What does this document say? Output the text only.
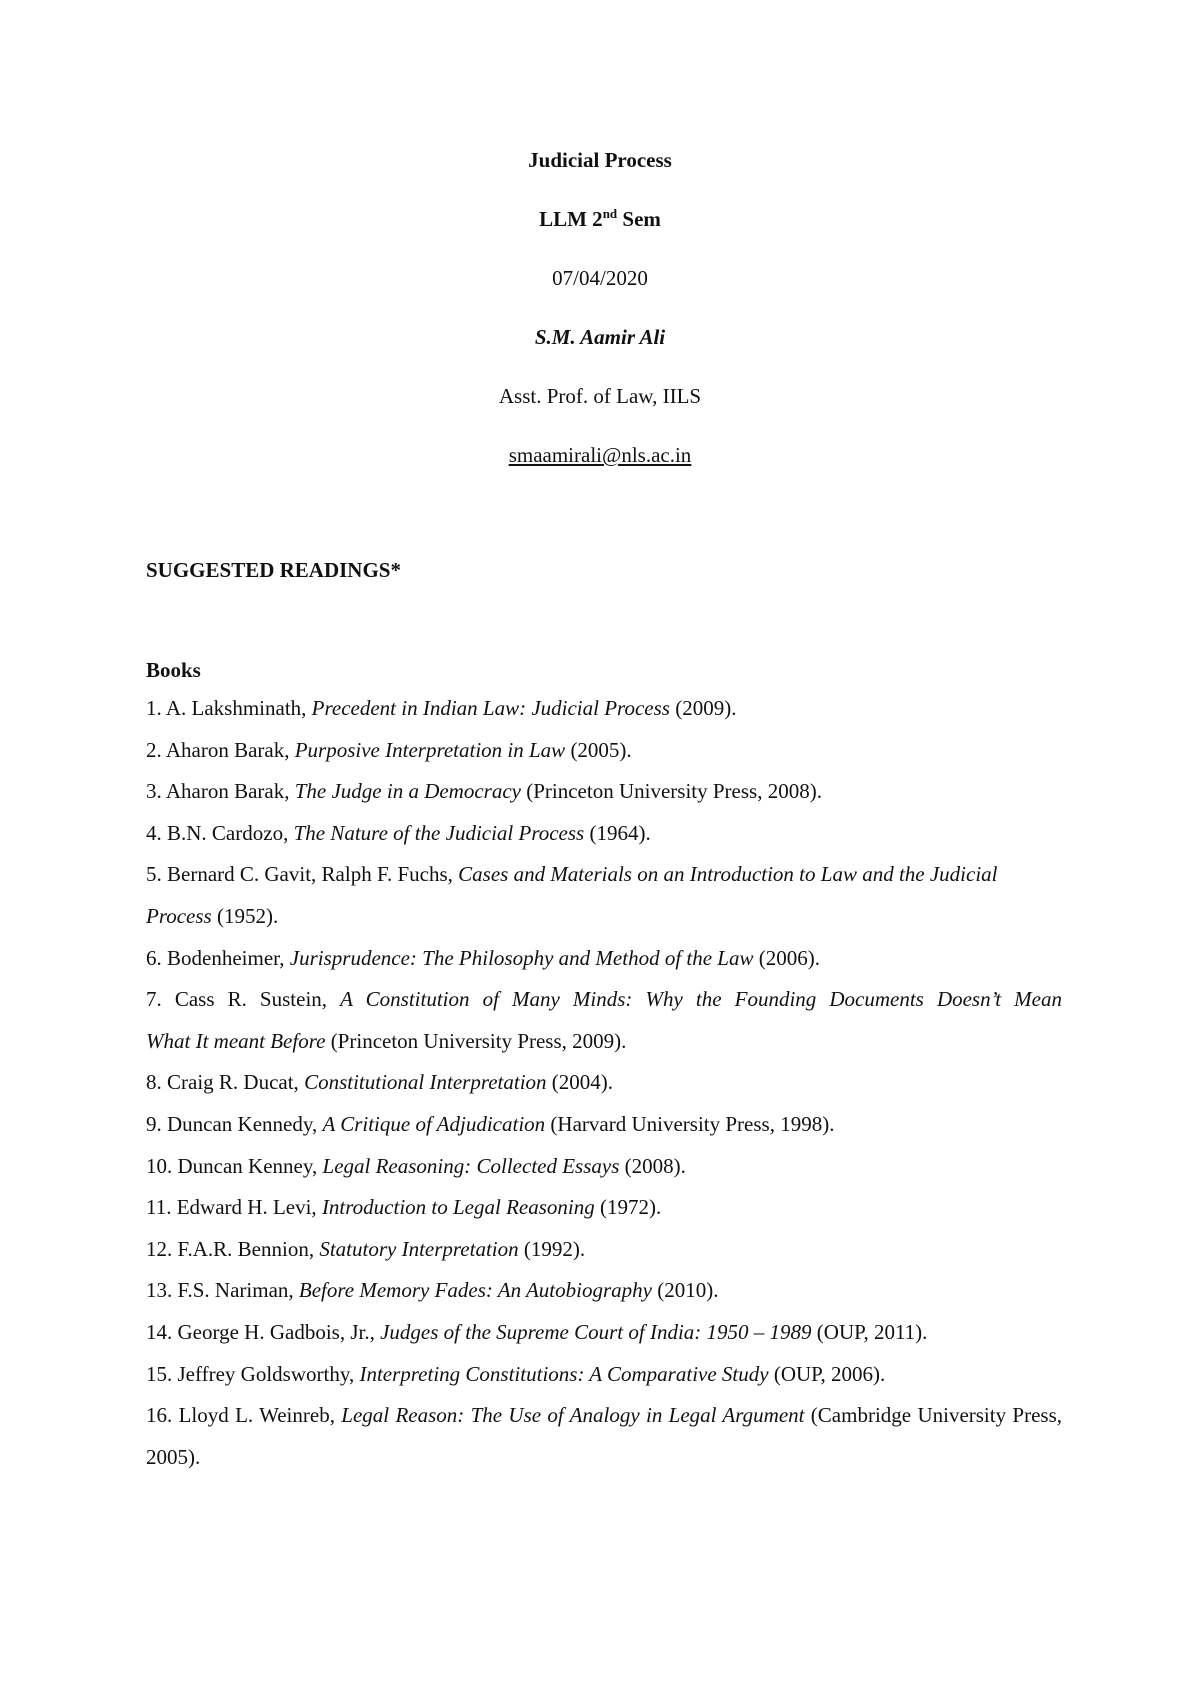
Judicial Process
LLM 2nd Sem
07/04/2020
S.M. Aamir Ali
Asst. Prof. of Law, IILS
smaamirali@nls.ac.in
SUGGESTED READINGS*
Books
1. A. Lakshminath, Precedent in Indian Law: Judicial Process (2009).
2. Aharon Barak, Purposive Interpretation in Law (2005).
3. Aharon Barak, The Judge in a Democracy (Princeton University Press, 2008).
4. B.N. Cardozo, The Nature of the Judicial Process (1964).
5. Bernard C. Gavit, Ralph F. Fuchs, Cases and Materials on an Introduction to Law and the Judicial Process (1952).
6. Bodenheimer, Jurisprudence: The Philosophy and Method of the Law (2006).
7. Cass R. Sustein, A Constitution of Many Minds: Why the Founding Documents Doesn’t Mean
What It meant Before (Princeton University Press, 2009).
8. Craig R. Ducat, Constitutional Interpretation (2004).
9. Duncan Kennedy, A Critique of Adjudication (Harvard University Press, 1998).
10. Duncan Kenney, Legal Reasoning: Collected Essays (2008).
11. Edward H. Levi, Introduction to Legal Reasoning (1972).
12. F.A.R. Bennion, Statutory Interpretation (1992).
13. F.S. Nariman, Before Memory Fades: An Autobiography (2010).
14. George H. Gadbois, Jr., Judges of the Supreme Court of India: 1950 – 1989 (OUP, 2011).
15. Jeffrey Goldsworthy, Interpreting Constitutions: A Comparative Study (OUP, 2006).
16. Lloyd L. Weinreb, Legal Reason: The Use of Analogy in Legal Argument (Cambridge University Press, 2005).
